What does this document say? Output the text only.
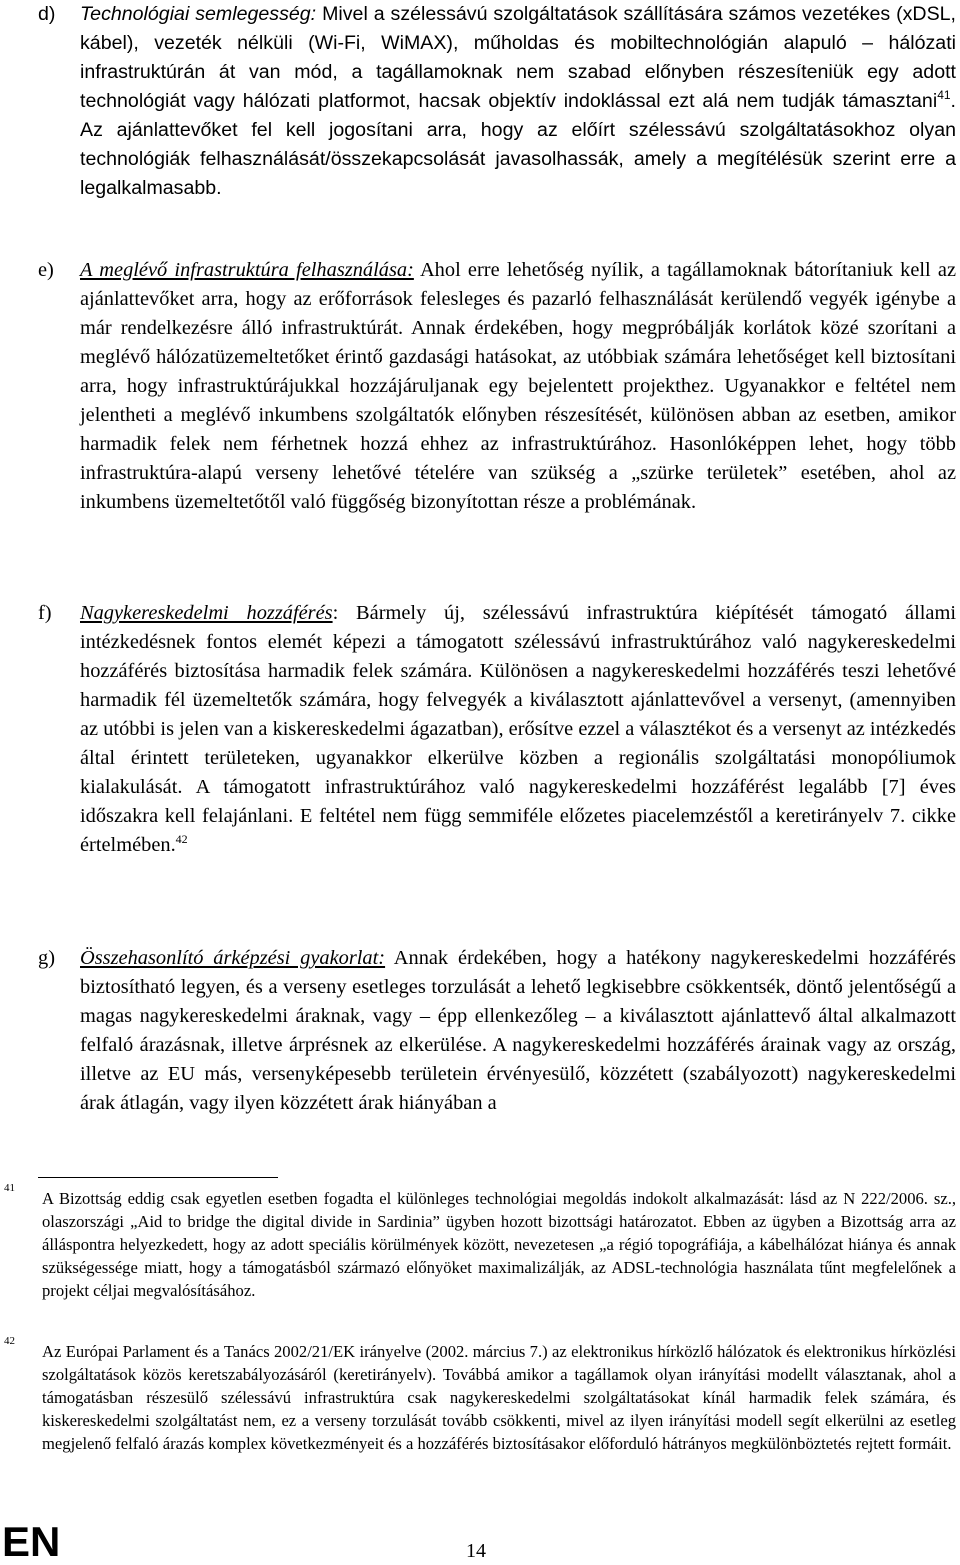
d) Technológiai semlegesség: Mivel a szélessávú szolgáltatások szállítására számos vezetékes (xDSL, kábel), vezeték nélküli (Wi-Fi, WiMAX), műholdas és mobiltechnológián alapuló – hálózati infrastruktúrán át van mód, a tagállamoknak nem szabad előnyben részesíteniük egy adott technológiát vagy hálózati platformot, hacsak objektív indoklással ezt alá nem tudják támasztani$^{41}$. Az ajánlattevőket fel kell jogosítani arra, hogy az előírt szélessávú szolgáltatásokhoz olyan technológiák felhasználását/összekapcsolását javasolhassák, amely a megítélésük szerint erre a legalkalmasabb.
e) A meglévő infrastruktúra felhasználása: Ahol erre lehetőség nyílik, a tagállamoknak bátorítaniuk kell az ajánlattevőket arra, hogy az erőforrások felesleges és pazarló felhasználását kerülendő vegyék igénybe a már rendelkezésre álló infrastruktúrát. Annak érdekében, hogy megpróbálják korlátok közé szorítani a meglévő hálózatüzemeltetőket érintő gazdasági hatásokat, az utóbbiak számára lehetőséget kell biztosítani arra, hogy infrastruktúrájukkal hozzájáruljanak egy bejelentett projekthez. Ugyanakkor e feltétel nem jelentheti a meglévő inkumbens szolgáltatók előnyben részesítését, különösen abban az esetben, amikor harmadik felek nem férhetnek hozzá ehhez az infrastruktúrához. Hasonlóképpen lehet, hogy több infrastruktúra-alapú verseny lehetővé tételére van szükség a „szürke területek” esetében, ahol az inkumbens üzemeltetőtől való függőség bizonyítottan része a problémának.
f) Nagykereskedelmi hozzáférés: Bármely új, szélessávú infrastruktúra kiépítését támogató állami intézkedésnek fontos elemét képezi a támogatott szélessávú infrastruktúrához való nagykereskedelmi hozzáférés biztosítása harmadik felek számára. Különösen a nagykereskedelmi hozzáférés teszi lehetővé harmadik fél üzemeltetők számára, hogy felvegyék a kiválasztott ajánlattevővel a versenyt, (amennyiben az utóbbi is jelen van a kiskereskedelmi ágazatban), erősítve ezzel a választékot és a versenyt az intézkedés által érintett területeken, ugyanakkor elkerülve közben a regionális szolgáltatási monopóliumok kialakulását. A támogatott infrastruktúrához való nagykereskedelmi hozzáférést legalább [7] éves időszakra kell felajánlani. E feltétel nem függ semmiféle előzetes piacelemzéstől a keretirányelv 7. cikke értelmében.$^{42}$
g) Összehasonlító árképzési gyakorlat: Annak érdekében, hogy a hatékony nagykereskedelmi hozzáférés biztosítható legyen, és a verseny esetleges torzulását a lehető legkisebbre csökkentsék, döntő jelentőségű a magas nagykereskedelmi áraknak, vagy – épp ellenkezőleg – a kiválasztott ajánlattevő által alkalmazott felfaló árazásnak, illetve árprésnek az elkerülése. A nagykereskedelmi hozzáférés árainak vagy az ország, illetve az EU más, versenyképesebb területein érvényesülő, közzétett (szabályozott) nagykereskedelmi árak átlagán, vagy ilyen közzétett árak hiányában a
41
A Bizottság eddig csak egyetlen esetben fogadta el különleges technológiai megoldás indokolt alkalmazását: lásd az N 222/2006. sz., olaszországi „Aid to bridge the digital divide in Sardinia” ügyben hozott bizottsági határozatot. Ebben az ügyben a Bizottság arra az álláspontra helyezkedett, hogy az adott speciális körülmények között, nevezetesen „a régió topográfiája, a kábelhálózat hiánya és annak szükségessége miatt, hogy a támogatásból származó előnyöket maximalizálják, az ADSL-technológia használata tűnt megfelelőnek a projekt céljai megvalósításához.
42
Az Európai Parlament és a Tanács 2002/21/EK irányelve (2002. március 7.) az elektronikus hírközlő hálózatok és elektronikus hírközlési szolgáltatások közös keretszabályozásáról (keretirányelv). Továbbá amikor a tagállamok olyan irányítási modellt választanak, ahol a támogatásban részesülő szélessávú infrastruktúra csak nagykereskedelmi szolgáltatásokat kínál harmadik felek számára, és kiskereskedelmi szolgáltatást nem, ez a verseny torzulását tovább csökkenti, mivel az ilyen irányítási modell segít elkerülni az esetleg megjelenő felfaló árazás komplex következményeit és a hozzáférés biztosításakor előforduló hátrányos megkülönböztetés rejtett formáit.
EN	14
